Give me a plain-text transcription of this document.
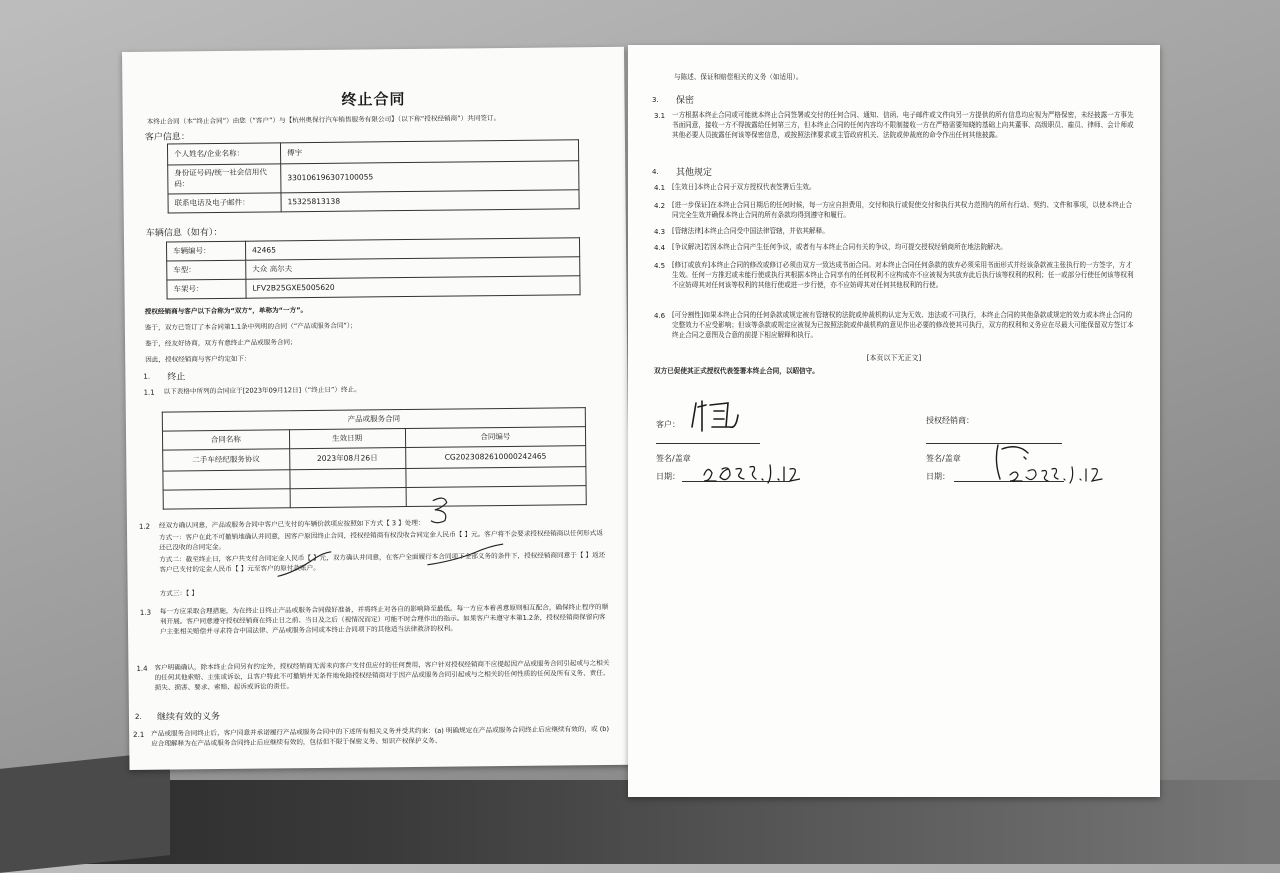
终止合同
本终止合同（本“终止合同”）由您（“客户”）与【杭州奥保行汽车销售服务有限公司】（以下称“授权经销商”）共同签订。
客户信息：
个人姓名/企业名称：	傅宇
身份证号码/统一社会信用代码：	330106196307100055
联系电话及电子邮件：	15325813138
车辆信息（如有）：
车辆编号：	42465
车型：	大众 高尔夫
车架号：	LFV2B25GXE5005620
授权经销商与客户以下合称为“双方”，单称为“一方”。
鉴于，双方已签订了本合同第1.1条中列明的合同（“产品或服务合同”）；
鉴于，经友好协商，双方有意终止产品或服务合同；
因此，授权经销商与客户约定如下：
1. 终止
1.1 以下表格中所列的合同应于[2023年09月12日]（“终止日”）终止。
产品或服务合同		
合同名称	生效日期	合同编号
二手车经纪服务协议	2023年08月26日	CG2023082610000242465

1.2 经双方确认同意，产品或服务合同中客户已支付的车辆价款项应按照如下方式【 3 】处理：
方式一：客户在此不可撤销地确认并同意，因客户原因终止合同，授权经销商有权没收合同定金人民币【 】元。客户将不会要求授权经销商以任何形式返还已没收的合同定金。
方式二：截至终止日，客户共支付合同定金人民币【 】元，双方确认并同意，在客户全面履行本合同项下全部义务的条件下，授权经销商同意于【 】返还客户已支付的定金人民币【 】元至客户的原付款账户。
方式三：【 】
1.3 每一方应采取合理措施，为在终止日终止产品或服务合同做好准备，并将终止对各自的影响降至最低。每一方应本着善意原则相互配合，确保终止程序的顺利开展。客户同意遵守授权经销商在终止日之前、当日及之后（视情况而定）可能不时合理作出的指示。如果客户未遵守本第1.2条，授权经销商保留向客户主张相关赔偿并寻求符合中国法律、产品或服务合同或本终止合同项下的其他适当法律救济的权利。
1.4 客户明确确认，除本终止合同另有约定外，授权经销商无需未向客户支付但应付的任何费用，客户针对授权经销商不应提起因产品或服务合同引起或与之相关的任何其他索赔、主张或诉讼，且客户特此不可撤销并无条件地免除授权经销商对于因产品或服务合同引起或与之相关的任何性质的任何及所有义务、责任、损失、损害、要求、索赔、起诉或诉讼的责任。
2. 继续有效的义务
2.1 产品或服务合同终止后，客户同意并承诺履行产品或服务合同中的下述所有相关义务并受其约束：(a) 明确规定在产品或服务合同终止后应继续有效的，或 (b) 应合理解释为在产品或服务合同终止后应继续有效的，包括但不限于保密义务、知识产权保护义务、
与陈述、保证和赔偿相关的义务（如适用）。
3. 保密
3.1 一方根据本终止合同或可能就本终止合同签署或交付的任何合同、通知、信函、电子邮件或文件向另一方提供的所有信息均应视为严格保密，未经披露一方事先书面同意，接收一方不得披露给任何第三方，但本终止合同的任何内容均不限制接收一方在严格需要知晓的基础上向其董事、高级职员、雇员、律师、会计师或其他必要人员披露任何该等保密信息，或按照法律要求或主管政府机关、法院或仲裁庭的命令作出任何其他披露。
4. 其他规定
4.1 [生效日]本终止合同于双方授权代表签署后生效。
4.2 [进一步保证]在本终止合同日期后的任何时候，每一方应自担费用，交付和执行或促使交付和执行其权力范围内的所有行动、契约、文件和事项，以使本终止合同完全生效并确保本终止合同的所有条款均得到遵守和履行。
4.3 [管辖法律]本终止合同受中国法律管辖，并依其解释。
4.4 [争议解决]若因本终止合同产生任何争议，或者有与本终止合同有关的争议，均可提交授权经销商所在地法院解决。
4.5 [修订或放弃]本终止合同的修改或修订必须由双方一致达成书面合同。对本终止合同任何条款的放弃必须采用书面形式并经该条款被主张执行的一方签字，方才生效。任何一方推迟或未能行使或执行其根据本终止合同享有的任何权利不应构成亦不应被视为其放弃此后执行该等权利的权利；任一或部分行使任何该等权利不应妨碍其对任何该等权利的其他行使或进一步行使，亦不应妨碍其对任何其他权利的行使。
4.6 [可分割性]如果本终止合同的任何条款或规定被有管辖权的法院或仲裁机构认定为无效、违法或不可执行，本终止合同的其他条款或规定的效力或本终止合同的完整效力不应受影响；但该等条款或规定应被视为已按照法院或仲裁机构的意见作出必要的修改使其可执行，双方的权利和义务应在尽最大可能保留双方签订本终止合同之意图及合意的前提下相应解释和执行。
[本页以下无正文]
双方已促使其正式授权代表签署本终止合同，以昭信守。
客户：
签名/盖章
日期：
授权经销商：
签名/盖章
日期：
